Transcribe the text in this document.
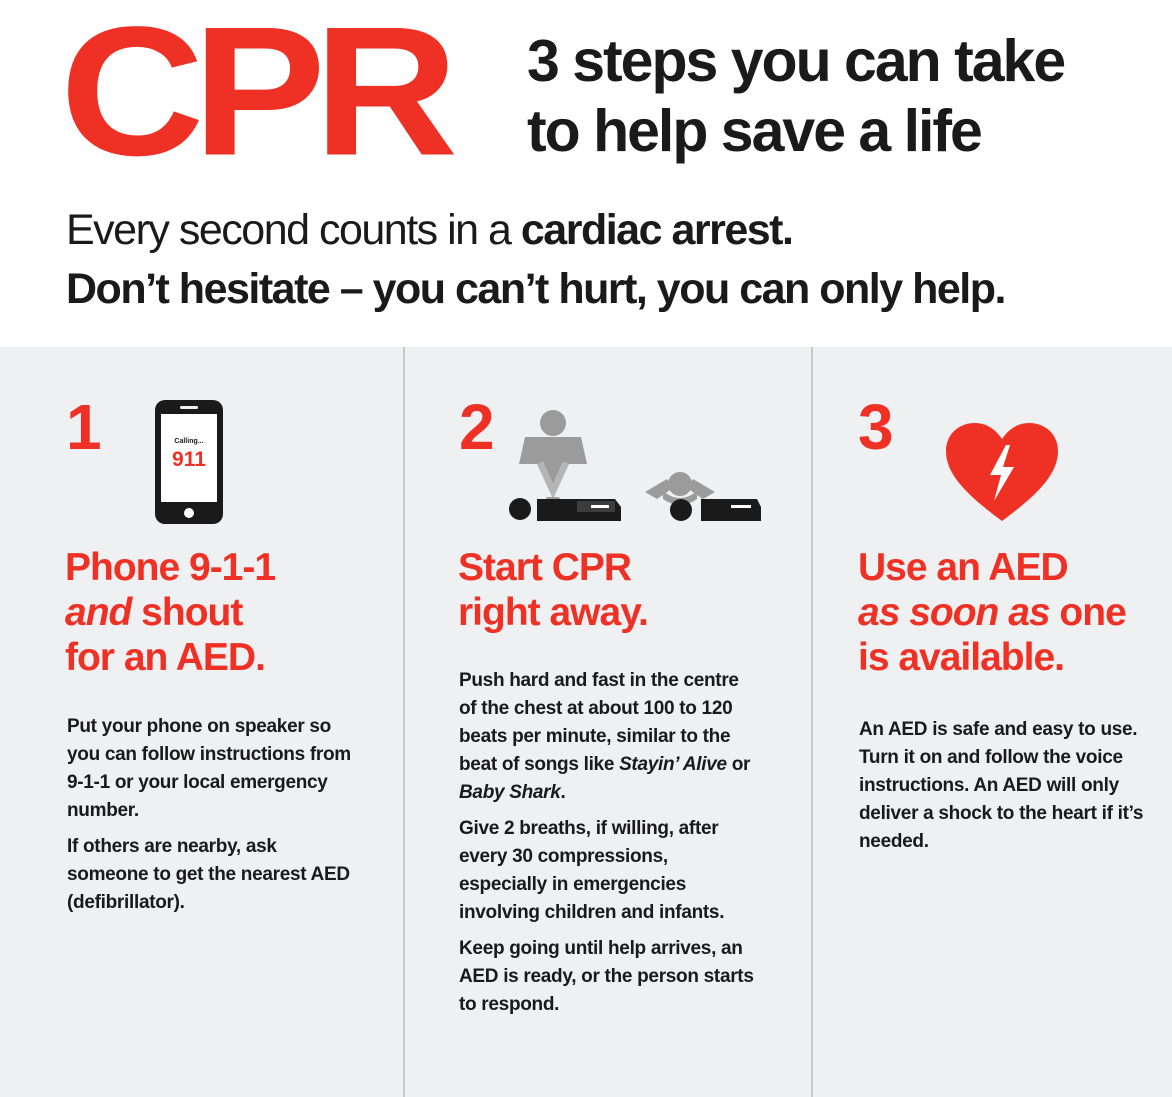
CPR 3 steps you can take
to help save a life
Every second counts in a cardiac arrest.
Don’t hesitate – you can’t hurt, you can only help.
1	Calling...
911
Phone 9-1-1
and shout
for an AED.

Put your phone on speaker so you can follow instructions from 9-1-1 or your local emergency number.

If others are nearby, ask someone to get the nearest AED (defibrillator).

2
Start CPR
right away.

Push hard and fast in the centre of the chest at about 100 to 120 beats per minute, similar to the beat of songs like Stayin’ Alive or Baby Shark.

Give 2 breaths, if willing, after every 30 compressions, especially in emergencies involving children and infants.

Keep going until help arrives, an AED is ready, or the person starts to respond.

3
Use an AED
as soon as one
is available.

An AED is safe and easy to use. Turn it on and follow the voice instructions. An AED will only deliver a shock to the heart if it’s needed.
